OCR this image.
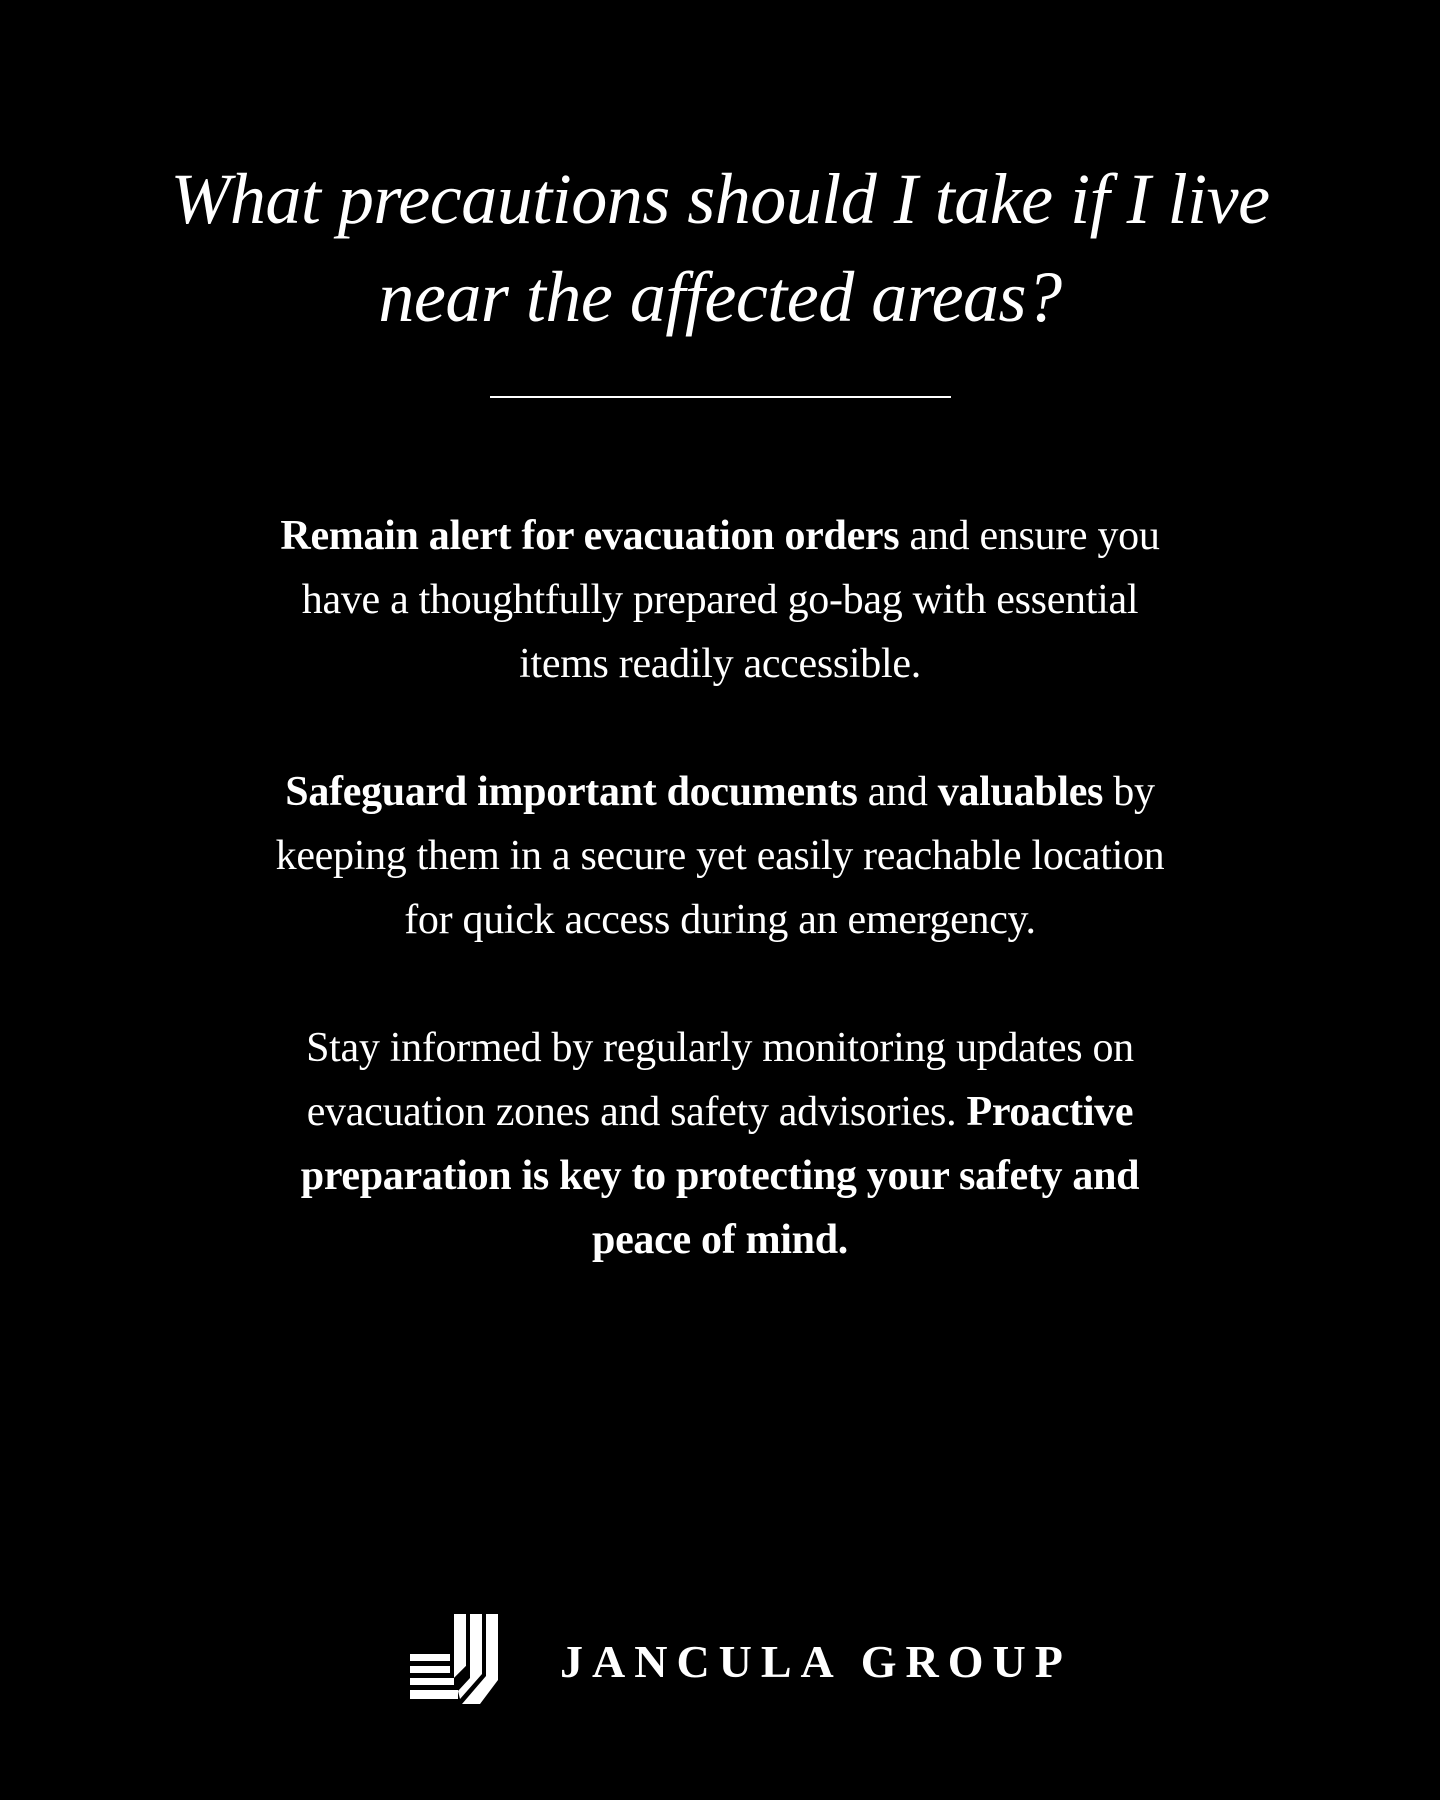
What precautions should I take if I live near the affected areas?

Remain alert for evacuation orders and ensure you have a thoughtfully prepared go-bag with essential items readily accessible.

Safeguard important documents and valuables by keeping them in a secure yet easily reachable location for quick access during an emergency.

Stay informed by regularly monitoring updates on evacuation zones and safety advisories. Proactive preparation is key to protecting your safety and peace of mind.

JANCULA GROUP
